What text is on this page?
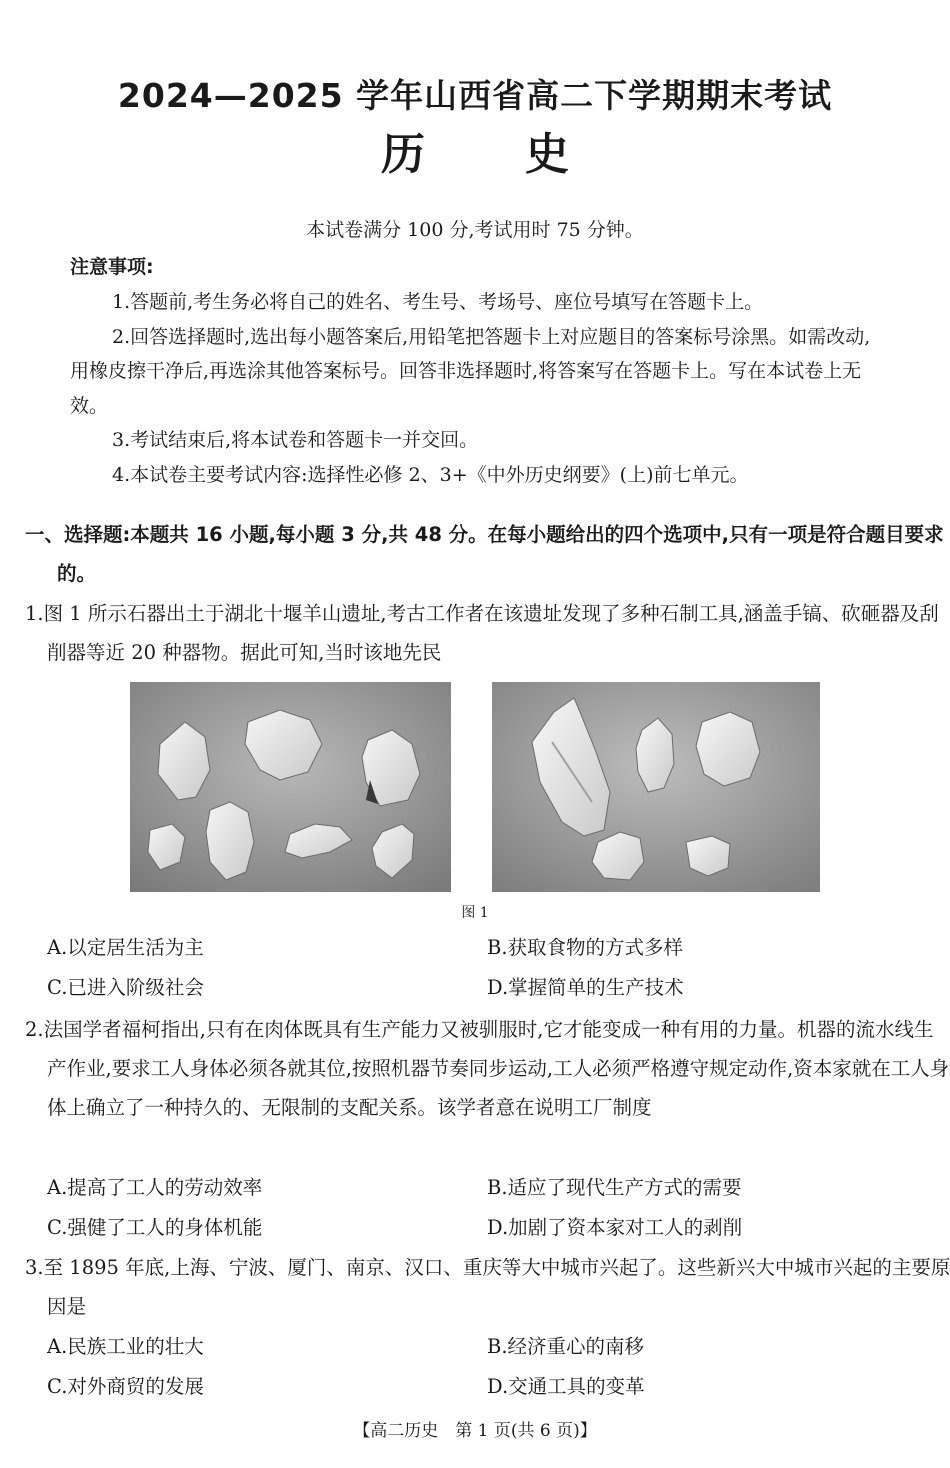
2024—2025 学年山西省高二下学期期末考试
历史
本试卷满分 100 分,考试用时 75 分钟。
注意事项:

1.答题前,考生务必将自己的姓名、考生号、考场号、座位号填写在答题卡上。

2.回答选择题时,选出每小题答案后,用铅笔把答题卡上对应题目的答案标号涂黑。如需改动,用橡皮擦干净后,再选涂其他答案标号。回答非选择题时,将答案写在答题卡上。写在本试卷上无效。

3.考试结束后,将本试卷和答题卡一并交回。

4.本试卷主要考试内容:选择性必修 2、3+《中外历史纲要》(上)前七单元。

一、选择题:本题共 16 小题,每小题 3 分,共 48 分。在每小题给出的四个选项中,只有一项是符合题目要求的。
1.图 1 所示石器出土于湖北十堰羊山遗址,考古工作者在该遗址发现了多种石制工具,涵盖手镐、砍砸器及刮削器等近 20 种器物。据此可知,当时该地先民
图 1
A.以定居生活为主	B.获取食物的方式多样
C.已进入阶级社会	D.掌握简单的生产技术
2.法国学者福柯指出,只有在肉体既具有生产能力又被驯服时,它才能变成一种有用的力量。机器的流水线生产作业,要求工人身体必须各就其位,按照机器节奏同步运动,工人必须严格遵守规定动作,资本家就在工人身体上确立了一种持久的、无限制的支配关系。该学者意在说明工厂制度
A.提高了工人的劳动效率	B.适应了现代生产方式的需要
C.强健了工人的身体机能	D.加剧了资本家对工人的剥削
3.至 1895 年底,上海、宁波、厦门、南京、汉口、重庆等大中城市兴起了。这些新兴大中城市兴起的主要原因是
A.民族工业的壮大	B.经济重心的南移
C.对外商贸的发展	D.交通工具的变革
【高二历史　第 1 页(共 6 页)】
